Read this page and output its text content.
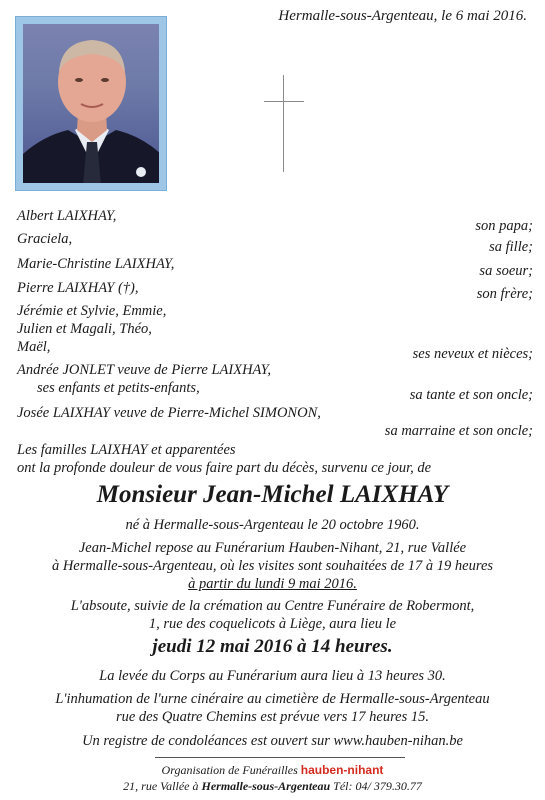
Hermalle-sous-Argenteau, le 6 mai 2016.
Albert LAIXHAY,
son papa;
Graciela,	sa fille;
Marie-Christine LAIXHAY,	sa soeur;
Pierre LAIXHAY (†),	son frère;
Jérémie et Sylvie, Emmie,
Julien et Magali, Théo,
Maël,	ses neveux et nièces;
Andrée JONLET veuve de Pierre LAIXHAY,
ses enfants et petits-enfants,	sa tante et son oncle;
Josée LAIXHAY veuve de Pierre-Michel SIMONON,
sa marraine et son oncle;
Les familles LAIXHAY et apparentées
ont la profonde douleur de vous faire part du décès, survenu ce jour, de
Monsieur Jean-Michel LAIXHAY
né à Hermalle-sous-Argenteau le 20 octobre 1960.
Jean-Michel repose au Funérarium Hauben-Nihant, 21, rue Vallée
à Hermalle-sous-Argenteau, où les visites sont souhaitées de 17 à 19 heures
à partir du lundi 9 mai 2016.
L'absoute, suivie de la crémation au Centre Funéraire de Robermont,
1, rue des coquelicots à Liège, aura lieu le
jeudi 12 mai 2016 à 14 heures.
La levée du Corps au Funérarium aura lieu à 13 heures 30.
L'inhumation de l'urne cinéraire au cimetière de Hermalle-sous-Argenteau
rue des Quatre Chemins est prévue vers 17 heures 15.
Un registre de condoléances est ouvert sur www.hauben-nihan.be
Organisation de Funérailles hauben-nihant
21, rue Vallée à Hermalle-sous-Argenteau Tél: 04/ 379.30.77
